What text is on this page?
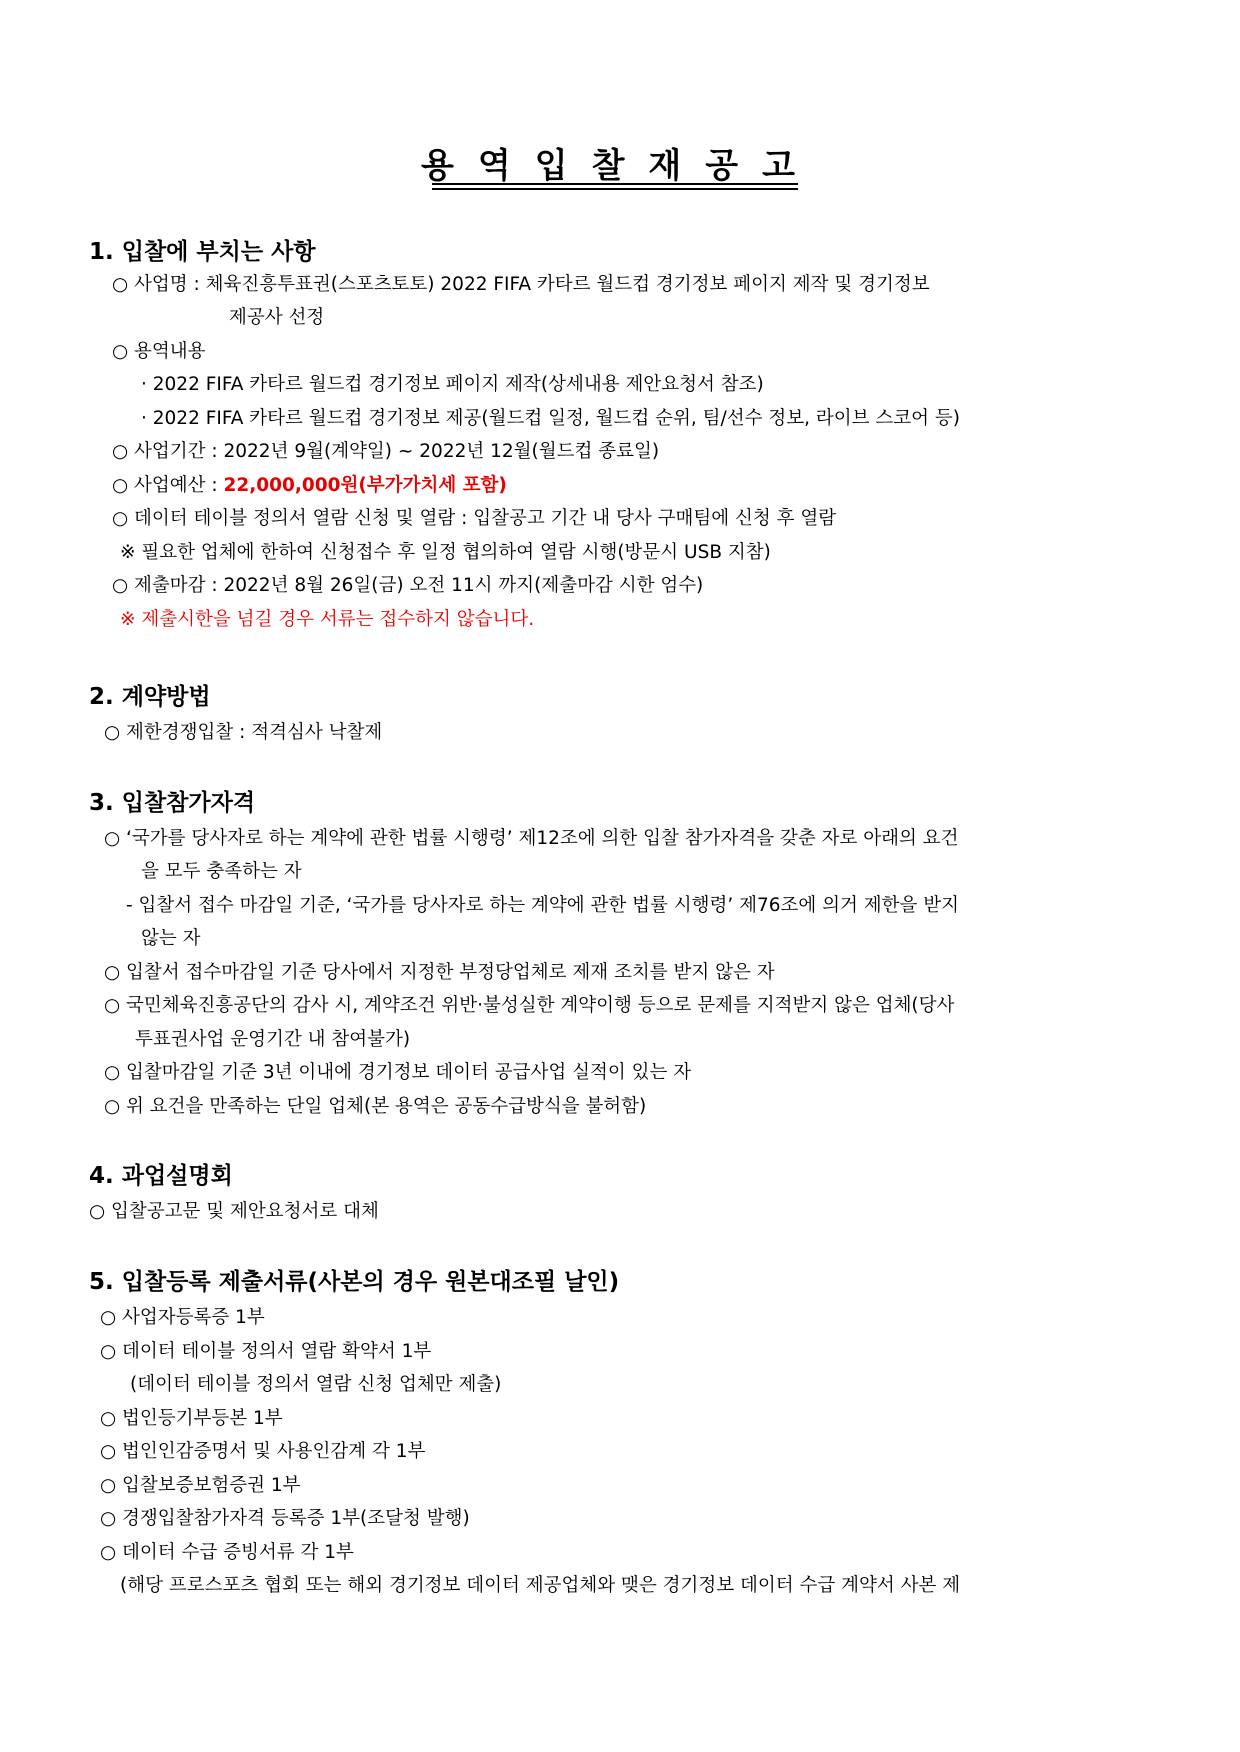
용역입찰재공고
1. 입찰에 부치는 사항
○ 사업명 : 체육진흥투표권(스포츠토토) 2022 FIFA 카타르 월드컵 경기정보 페이지 제작 및 경기정보
제공사 선정
○ 용역내용
· 2022 FIFA 카타르 월드컵 경기정보 페이지 제작(상세내용 제안요청서 참조)
· 2022 FIFA 카타르 월드컵 경기정보 제공(월드컵 일정, 월드컵 순위, 팀/선수 정보, 라이브 스코어 등)
○ 사업기간 : 2022년 9월(계약일) ~ 2022년 12월(월드컵 종료일)
○ 사업예산 : 22,000,000원(부가가치세 포함)
○ 데이터 테이블 정의서 열람 신청 및 열람 : 입찰공고 기간 내 당사 구매팀에 신청 후 열람
※ 필요한 업체에 한하여 신청접수 후 일정 협의하여 열람 시행(방문시 USB 지참)
○ 제출마감 : 2022년 8월 26일(금) 오전 11시 까지(제출마감 시한 엄수)
※ 제출시한을 넘길 경우 서류는 접수하지 않습니다.
2. 계약방법
○ 제한경쟁입찰 : 적격심사 낙찰제
3. 입찰참가자격
○ ‘국가를 당사자로 하는 계약에 관한 법률 시행령’ 제12조에 의한 입찰 참가자격을 갖춘 자로 아래의 요건
을 모두 충족하는 자
- 입찰서 접수 마감일 기준, ‘국가를 당사자로 하는 계약에 관한 법률 시행령’ 제76조에 의거 제한을 받지
않는 자
○ 입찰서 접수마감일 기준 당사에서 지정한 부정당업체로 제재 조치를 받지 않은 자
○ 국민체육진흥공단의 감사 시, 계약조건 위반·불성실한 계약이행 등으로 문제를 지적받지 않은 업체(당사
투표권사업 운영기간 내 참여불가)
○ 입찰마감일 기준 3년 이내에 경기정보 데이터 공급사업 실적이 있는 자
○ 위 요건을 만족하는 단일 업체(본 용역은 공동수급방식을 불허함)
4. 과업설명회
○ 입찰공고문 및 제안요청서로 대체
5. 입찰등록 제출서류(사본의 경우 원본대조필 날인)
○ 사업자등록증 1부
○ 데이터 테이블 정의서 열람 확약서 1부
(데이터 테이블 정의서 열람 신청 업체만 제출)
○ 법인등기부등본 1부
○ 법인인감증명서 및 사용인감계 각 1부
○ 입찰보증보험증권 1부
○ 경쟁입찰참가자격 등록증 1부(조달청 발행)
○ 데이터 수급 증빙서류 각 1부
(해당 프로스포츠 협회 또는 해외 경기정보 데이터 제공업체와 맺은 경기정보 데이터 수급 계약서 사본 제
